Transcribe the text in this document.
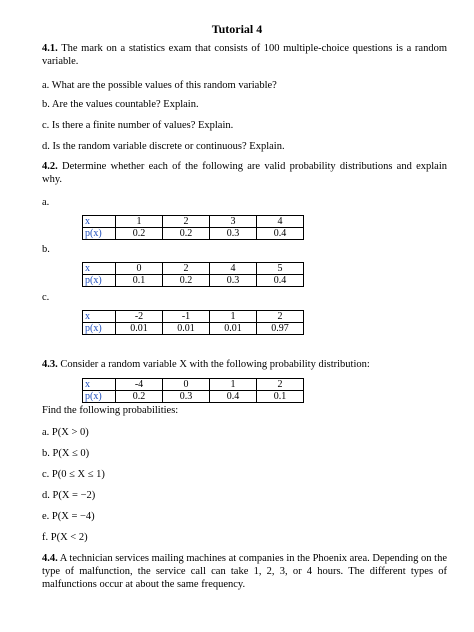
Tutorial 4
4.1. The mark on a statistics exam that consists of 100 multiple-choice questions is a random variable.
a. What are the possible values of this random variable?
b. Are the values countable? Explain.
c. Is there a finite number of values? Explain.
d. Is the random variable discrete or continuous? Explain.
4.2. Determine whether each of the following are valid probability distributions and explain why.
a.
x	1	2	3	4
p(x)	0.2	0.2	0.3	0.4
b.
x	0	2	4	5
p(x)	0.1	0.2	0.3	0.4
c.
x	-2	-1	1	2
p(x)	0.01	0.01	0.01	0.97
4.3. Consider a random variable X with the following probability distribution:
x	-4	0	1	2
p(x)	0.2	0.3	0.4	0.1
Find the following probabilities:
a. P(X > 0)
b. P(X ≤ 0)
c. P(0 ≤ X ≤ 1)
d. P(X = −2)
e. P(X = −4)
f. P(X < 2)
4.4. A technician services mailing machines at companies in the Phoenix area. Depending on the type of malfunction, the service call can take 1, 2, 3, or 4 hours. The different types of malfunctions occur at about the same frequency.
